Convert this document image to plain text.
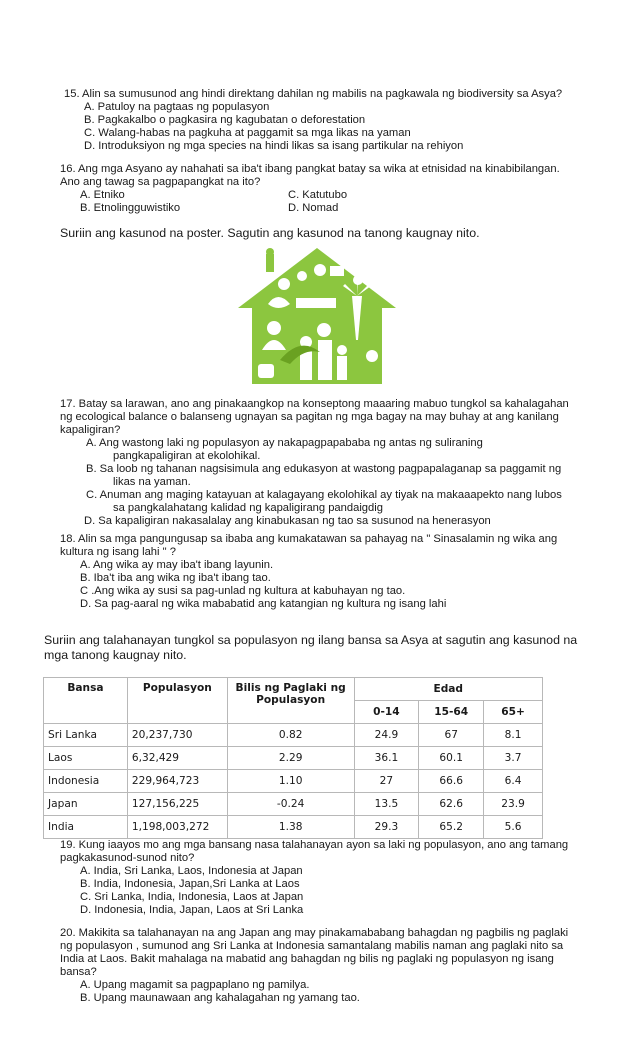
15. Alin sa sumusunod ang hindi direktang dahilan ng mabilis na pagkawala ng biodiversity sa Asya?
A. Patuloy na pagtaas ng populasyon
B. Pagkakalbo o pagkasira ng kagubatan o deforestation
C. Walang-habas na pagkuha at paggamit sa mga likas na yaman
D. Introduksiyon ng mga species na hindi likas sa isang partikular na rehiyon
16. Ang mga Asyano ay nahahati sa iba't ibang pangkat batay sa wika at etnisidad na kinabibilangan.
Ano ang tawag sa pagpapangkat na ito?
A. Etniko	C. Katutubo
B. Etnolingguwistiko	D. Nomad
Suriin ang kasunod na poster. Sagutin ang kasunod na tanong kaugnay nito.
17. Batay sa larawan, ano ang pinakaangkop na konseptong maaaring mabuo tungkol sa kahalagahan
ng ecological balance o balanseng ugnayan sa pagitan ng mga bagay na may buhay at ang kanilang
kapaligiran?
A. Ang wastong laki ng populasyon ay nakapagpapababa ng antas ng suliraning
pangkapaligiran at ekolohikal.
B. Sa loob ng tahanan nagsisimula ang edukasyon at wastong pagpapalaganap sa paggamit ng
likas na yaman.
C. Anuman ang maging katayuan at kalagayang ekolohikal ay tiyak na makaaapekto nang lubos
sa pangkalahatang kalidad ng kapaligirang pandaigdig
D. Sa kapaligiran nakasalalay ang kinabukasan ng tao sa susunod na henerasyon
18. Alin sa mga pangungusap sa ibaba ang kumakatawan sa pahayag na " Sinasalamin ng wika ang
kultura ng isang lahi " ?
A. Ang wika ay may iba't ibang layunin.
B. Iba't iba ang wika ng iba't ibang tao.
C .Ang wika ay susi sa pag-unlad ng kultura at kabuhayan ng tao.
D. Sa pag-aaral ng wika mababatid ang katangian ng kultura ng isang lahi
Suriin ang talahanayan tungkol sa populasyon ng ilang bansa sa Asya at sagutin ang kasunod na
mga tanong kaugnay nito.
Bansa	Populasyon	Bilis ng Paglaki ng Populasyon	Edad		
			0-14	15-64	65+
Sri Lanka	20,237,730	0.82	24.9	67	8.1
Laos	6,32,429	2.29	36.1	60.1	3.7
Indonesia	229,964,723	1.10	27	66.6	6.4
Japan	127,156,225	-0.24	13.5	62.6	23.9
India	1,198,003,272	1.38	29.3	65.2	5.6
19. Kung iaayos mo ang mga bansang nasa talahanayan ayon sa laki ng populasyon, ano ang tamang
pagkakasunod-sunod nito?
A. India, Sri Lanka, Laos, Indonesia at Japan
B. India, Indonesia, Japan,Sri Lanka at Laos
C. Sri Lanka, India, Indonesia, Laos at Japan
D. Indonesia, India, Japan, Laos at Sri Lanka
20. Makikita sa talahanayan na ang Japan ang may pinakamababang bahagdan ng pagbilis ng paglaki
ng populasyon , sumunod ang Sri Lanka at Indonesia samantalang mabilis naman ang paglaki nito sa
India at Laos. Bakit mahalaga na mabatid ang bahagdan ng bilis ng paglaki ng populasyon ng isang
bansa?
A. Upang magamit sa pagpaplano ng pamilya.
B. Upang maunawaan ang kahalagahan ng yamang tao.
